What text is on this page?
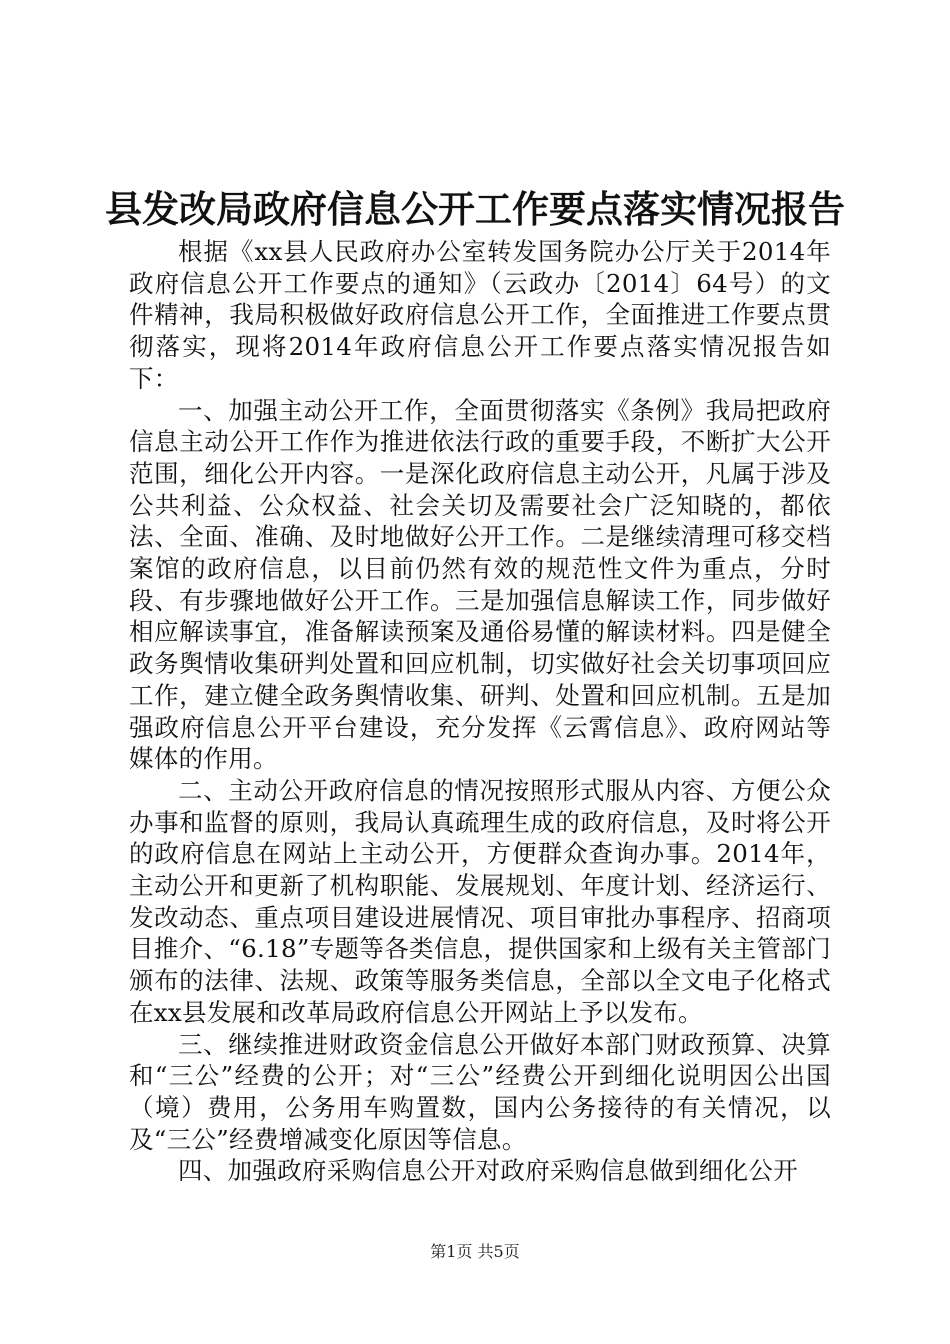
县发改局政府信息公开工作要点落实情况报告

根据《xx县人民政府办公室转发国务院办公厅关于2014年政府信息公开工作要点的通知》（云政办〔2014〕64号）的文件精神，我局积极做好政府信息公开工作，全面推进工作要点贯彻落实，现将2014年政府信息公开工作要点落实情况报告如下：

一、加强主动公开工作，全面贯彻落实《条例》我局把政府信息主动公开工作作为推进依法行政的重要手段，不断扩大公开范围，细化公开内容。一是深化政府信息主动公开，凡属于涉及公共利益、公众权益、社会关切及需要社会广泛知晓的，都依法、全面、准确、及时地做好公开工作。二是继续清理可移交档案馆的政府信息，以目前仍然有效的规范性文件为重点，分时段、有步骤地做好公开工作。三是加强信息解读工作，同步做好相应解读事宜，准备解读预案及通俗易懂的解读材料。四是健全政务舆情收集研判处置和回应机制，切实做好社会关切事项回应工作，建立健全政务舆情收集、研判、处置和回应机制。五是加强政府信息公开平台建设，充分发挥《云霄信息》、政府网站等媒体的作用。

二、主动公开政府信息的情况按照形式服从内容、方便公众办事和监督的原则，我局认真疏理生成的政府信息，及时将公开的政府信息在网站上主动公开，方便群众查询办事。2014年，主动公开和更新了机构职能、发展规划、年度计划、经济运行、发改动态、重点项目建设进展情况、项目审批办事程序、招商项目推介、“6.18”专题等各类信息，提供国家和上级有关主管部门颁布的法律、法规、政策等服务类信息，全部以全文电子化格式在xx县发展和改革局政府信息公开网站上予以发布。

三、继续推进财政资金信息公开做好本部门财政预算、决算和“三公”经费的公开；对“三公”经费公开到细化说明因公出国（境）费用，公务用车购置数，国内公务接待的有关情况，以及“三公”经费增减变化原因等信息。

四、加强政府采购信息公开对政府采购信息做到细化公开

第1页 共5页
